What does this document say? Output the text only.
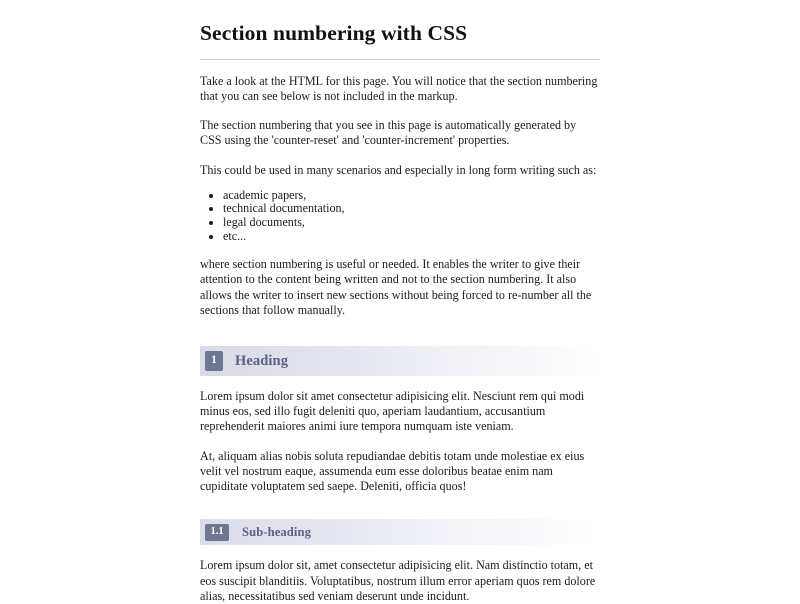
Section numbering with CSS

Take a look at the HTML for this page. You will notice that the section numbering that you can see below is not included in the markup.

The section numbering that you see in this page is automatically generated by CSS using the 'counter-reset' and 'counter-increment' properties.

This could be used in many scenarios and especially in long form writing such as:

• academic papers,
• technical documentation,
• legal documents,
• etc...

where section numbering is useful or needed. It enables the writer to give their attention to the content being written and not to the section numbering. It also allows the writer to insert new sections without being forced to re-number all the sections that follow manually.

1	Heading

Lorem ipsum dolor sit amet consectetur adipisicing elit. Nesciunt rem qui modi minus eos, sed illo fugit deleniti quo, aperiam laudantium, accusantium reprehenderit maiores animi iure tempora numquam iste veniam.

At, aliquam alias nobis soluta repudiandae debitis totam unde molestiae ex eius velit vel nostrum eaque, assumenda eum esse doloribus beatae enim nam cupiditate voluptatem sed saepe. Deleniti, officia quos!

1.1	Sub-heading

Lorem ipsum dolor sit, amet consectetur adipisicing elit. Nam distinctio totam, et eos suscipit blanditiis. Voluptatibus, nostrum illum error aperiam quos rem dolore alias, necessitatibus sed veniam deserunt unde incidunt.
